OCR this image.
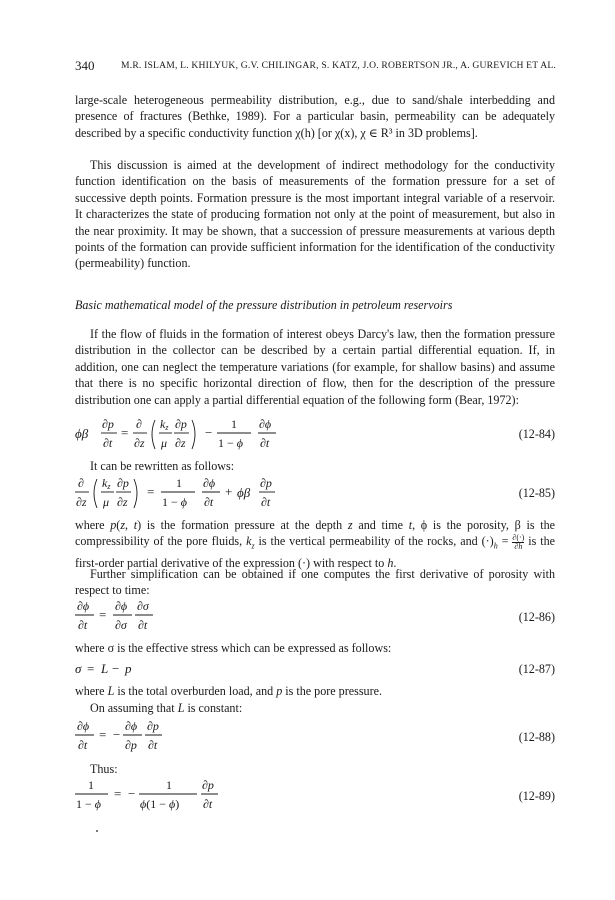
340	M.R. ISLAM, L. KHILYUK, G.V. CHILINGAR, S. KATZ, J.O. ROBERTSON JR., A. GUREVICH ET AL.

large-scale heterogeneous permeability distribution, e.g., due to sand/shale interbedding and presence of fractures (Bethke, 1989). For a particular basin, permeability can be adequately described by a specific conductivity function χ(h) [or χ(x), χ ∈ R³ in 3D problems].

This discussion is aimed at the development of indirect methodology for the conductivity function identification on the basis of measurements of the formation pressure for a set of successive depth points. Formation pressure is the most important integral variable of a reservoir. It characterizes the state of producing formation not only at the point of measurement, but also in the near proximity. It may be shown, that a succession of pressure measurements at various depth points of the formation can provide sufficient information for the identification of the conductivity (permeability) function.

Basic mathematical model of the pressure distribution in petroleum reservoirs

If the flow of fluids in the formation of interest obeys Darcy's law, then the formation pressure distribution in the collector can be described by a certain partial differential equation. If, in addition, one can neglect the temperature variations (for example, for shallow basins) and assume that there is no specific horizontal direction of flow, then for the description of the pressure distribution one can apply a partial differential equation of the following form (Bear, 1972):

ϕβ
∂p
∂t
=
∂
∂z
kz
μ
∂p
∂z
−
1
1 − ϕ
∂ϕ
∂t
(12-84)
It can be rewritten as follows:
∂
∂z
kz
μ
∂p
∂z
=
1
1 − ϕ
∂ϕ
∂t
+ ϕβ
∂p
∂t
(12-85)

where p(z, t) is the formation pressure at the depth z and time t, ϕ is the porosity, β is the compressibility of the pore fluids, $k_z$ is the vertical permeability of the rocks, and $(\cdot)_h$ = ∂(·)
∂h is the first-order partial derivative of the expression (·) with respect to h.

Further simplification can be obtained if one computes the first derivative of porosity with respect to time:

∂ϕ
∂t
=
∂ϕ
∂σ
∂σ
∂t
(12-86)
where σ is the effective stress which can be expressed as follows:
σ = L − p	(12-87)
where L is the total overburden load, and p is the pore pressure.
On assuming that L is constant:
∂ϕ
∂t
= −
∂ϕ
∂p
∂p
∂t
(12-88)
Thus:
1
1 − ϕ
= −
1
ϕ(1 − ϕ)
∂p
∂t
(12-89)
